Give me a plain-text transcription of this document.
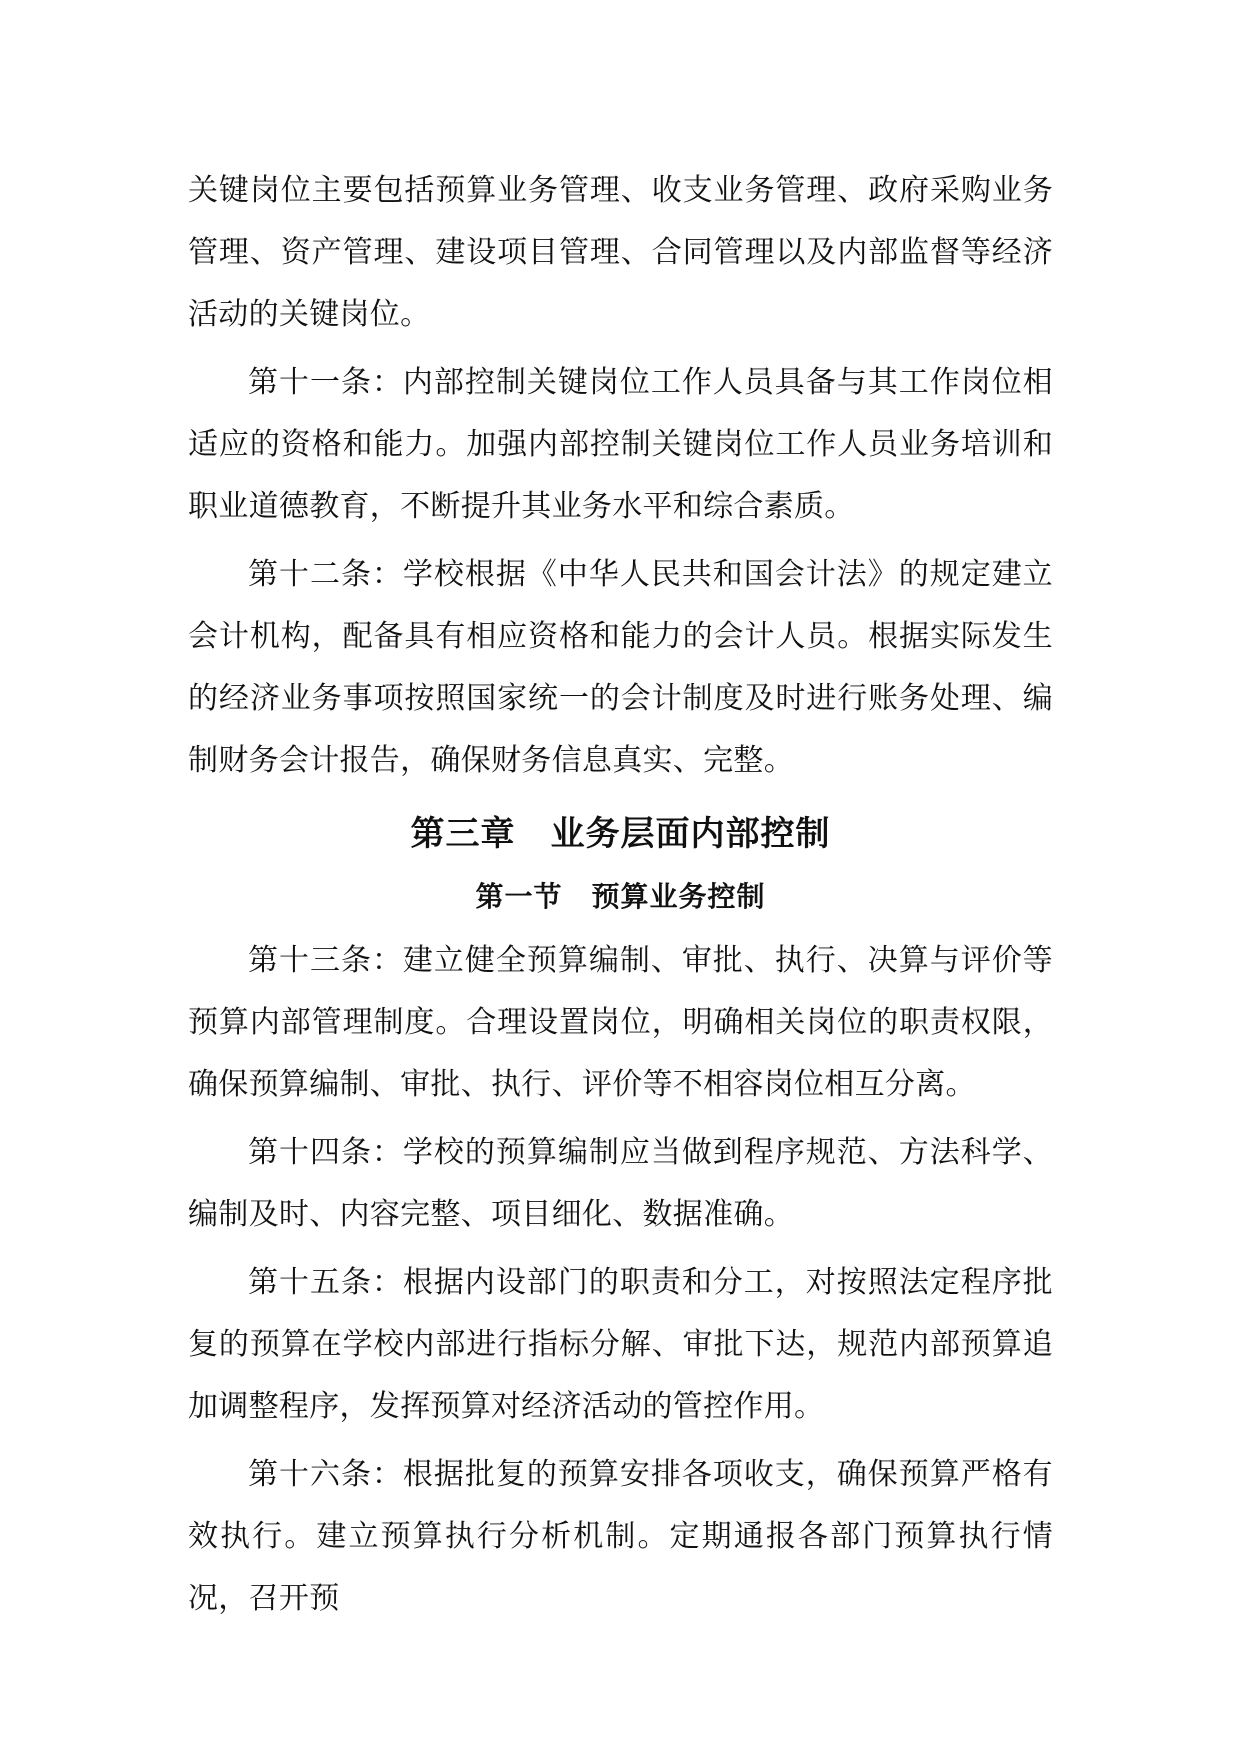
关键岗位主要包括预算业务管理、收支业务管理、政府采购业务管理、资产管理、建设项目管理、合同管理以及内部监督等经济活动的关键岗位。

第十一条：内部控制关键岗位工作人员具备与其工作岗位相适应的资格和能力。加强内部控制关键岗位工作人员业务培训和职业道德教育，不断提升其业务水平和综合素质。

第十二条：学校根据《中华人民共和国会计法》的规定建立会计机构，配备具有相应资格和能力的会计人员。根据实际发生的经济业务事项按照国家统一的会计制度及时进行账务处理、编制财务会计报告，确保财务信息真实、完整。

第三章　业务层面内部控制
第一节　预算业务控制

第十三条：建立健全预算编制、审批、执行、决算与评价等预算内部管理制度。合理设置岗位，明确相关岗位的职责权限，确保预算编制、审批、执行、评价等不相容岗位相互分离。

第十四条：学校的预算编制应当做到程序规范、方法科学、编制及时、内容完整、项目细化、数据准确。

第十五条：根据内设部门的职责和分工，对按照法定程序批复的预算在学校内部进行指标分解、审批下达，规范内部预算追加调整程序，发挥预算对经济活动的管控作用。

第十六条：根据批复的预算安排各项收支，确保预算严格有效执行。建立预算执行分析机制。定期通报各部门预算执行情况，召开预
